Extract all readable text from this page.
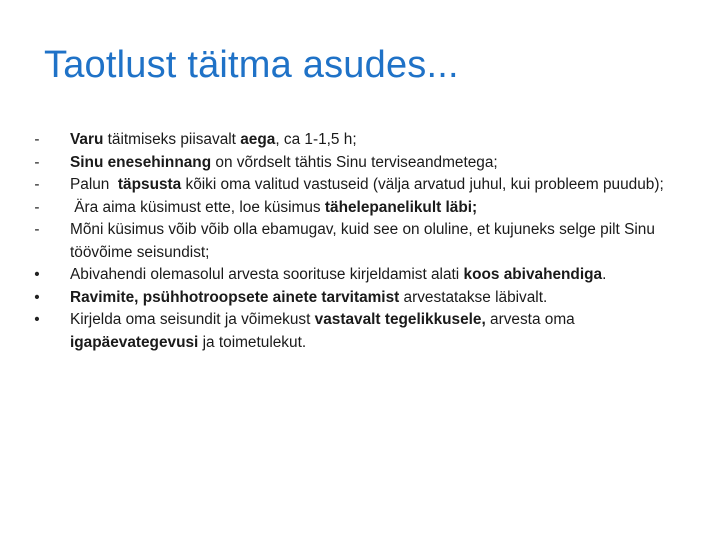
Taotlust täitma asudes...
- Varu täitmiseks piisavalt aega, ca 1-1,5 h;
- Sinu enesehinnang on võrdselt tähtis Sinu terviseandmetega;
- Palun  täpsusta kõiki oma valitud vastuseid (välja arvatud juhul, kui probleem puudub);
- Ära aima küsimust ette, loe küsimus tähelepanelikult läbi;
- Mõni küsimus võib võib olla ebamugav, kuid see on oluline, et kujuneks selge pilt Sinu töövõime seisundist;
• Abivahendi olemasolul arvesta soorituse kirjeldamist alati koos abivahendiga.
• Ravimite, psühhotroopsete ainete tarvitamist arvestatakse läbivalt.
• Kirjelda oma seisundit ja võimekust vastavalt tegelikkusele, arvesta oma igapäevategevusi ja toimetulekut.
